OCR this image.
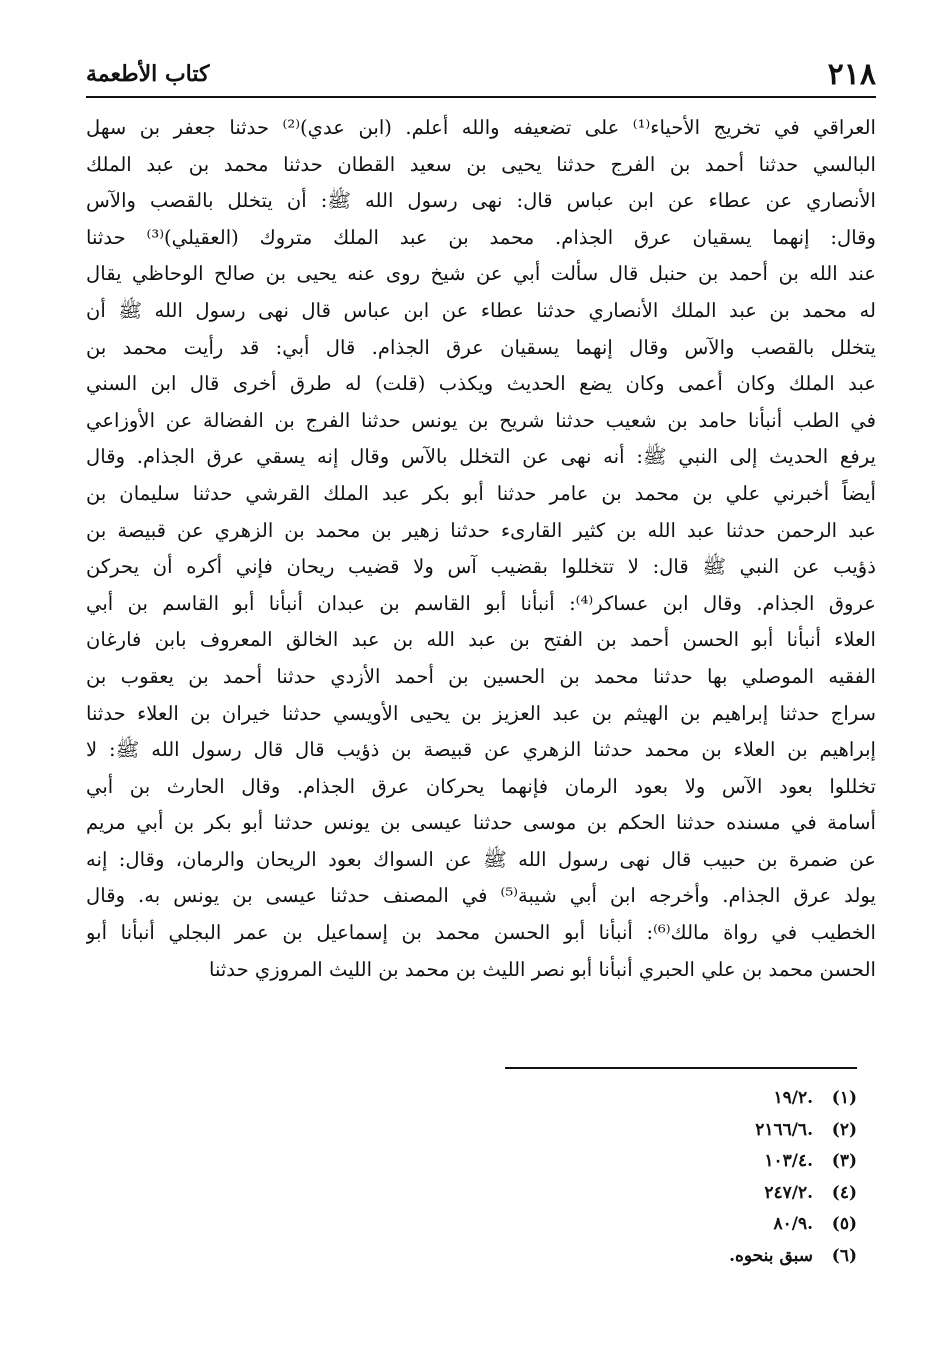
٢١٨
كتاب الأطعمة
العراقي في تخريج الأحياء⁽¹⁾ على تضعيفه والله أعلم. (ابن عدي)⁽²⁾ حدثنا جعفر بن سهل
البالسي حدثنا أحمد بن الفرج حدثنا يحيى بن سعيد القطان حدثنا محمد بن عبد الملك
الأنصاري عن عطاء عن ابن عباس قال: نهى رسول الله ﷺ: أن يتخلل بالقصب والآس
وقال: إنهما يسقيان عرق الجذام. محمد بن عبد الملك متروك (العقيلي)⁽³⁾ حدثنا
عند الله بن أحمد بن حنبل قال سألت أبي عن شيخ روى عنه يحيى بن صالح الوحاظي يقال
له محمد بن عبد الملك الأنصاري حدثنا عطاء عن ابن عباس قال نهى رسول الله ﷺ أن
يتخلل بالقصب والآس وقال إنهما يسقيان عرق الجذام. قال أبي: قد رأيت محمد بن
عبد الملك وكان أعمى وكان يضع الحديث ويكذب (قلت) له طرق أخرى قال ابن السني
في الطب أنبأنا حامد بن شعيب حدثنا شريح بن يونس حدثنا الفرج بن الفضالة عن الأوزاعي
يرفع الحديث إلى النبي ﷺ: أنه نهى عن التخلل بالآس وقال إنه يسقي عرق الجذام. وقال
أيضاً أخبرني علي بن محمد بن عامر حدثنا أبو بكر عبد الملك القرشي حدثنا سليمان بن
عبد الرحمن حدثنا عبد الله بن كثير القارىء حدثنا زهير بن محمد بن الزهري عن قبيصة بن
ذؤيب عن النبي ﷺ قال: لا تتخللوا بقضيب آس ولا قضيب ريحان فإني أكره أن يحركن
عروق الجذام. وقال ابن عساكر⁽⁴⁾: أنبأنا أبو القاسم بن عبدان أنبأنا أبو القاسم بن أبي
العلاء أنبأنا أبو الحسن أحمد بن الفتح بن عبد الله بن عبد الخالق المعروف بابن فارغان
الفقيه الموصلي بها حدثنا محمد بن الحسين بن أحمد الأزدي حدثنا أحمد بن يعقوب بن
سراج حدثنا إبراهيم بن الهيثم بن عبد العزيز بن يحيى الأويسي حدثنا خيران بن العلاء حدثنا
إبراهيم بن العلاء بن محمد حدثنا الزهري عن قبيصة بن ذؤيب قال قال رسول الله ﷺ: لا
تخللوا بعود الآس ولا بعود الرمان فإنهما يحركان عرق الجذام. وقال الحارث بن أبي
أسامة في مسنده حدثنا الحكم بن موسى حدثنا عيسى بن يونس حدثنا أبو بكر بن أبي مريم
عن ضمرة بن حبيب قال نهى رسول الله ﷺ عن السواك بعود الريحان والرمان، وقال: إنه
يولد عرق الجذام. وأخرجه ابن أبي شيبة⁽⁵⁾ في المصنف حدثنا عيسى بن يونس به. وقال
الخطيب في رواة مالك⁽⁶⁾: أنبأنا أبو الحسن محمد بن إسماعيل بن عمر البجلي أنبأنا أبو
الحسن محمد بن علي الحبري أنبأنا أبو نصر الليث بن محمد بن الليث المروزي حدثنا
(١)
.١٩/٢
(٢)
.٢١٦٦/٦
(٣)
.١٠٣/٤
(٤)
.٢٤٧/٢
(٥)
.٨٠/٩
(٦)
سبق بنحوه.
